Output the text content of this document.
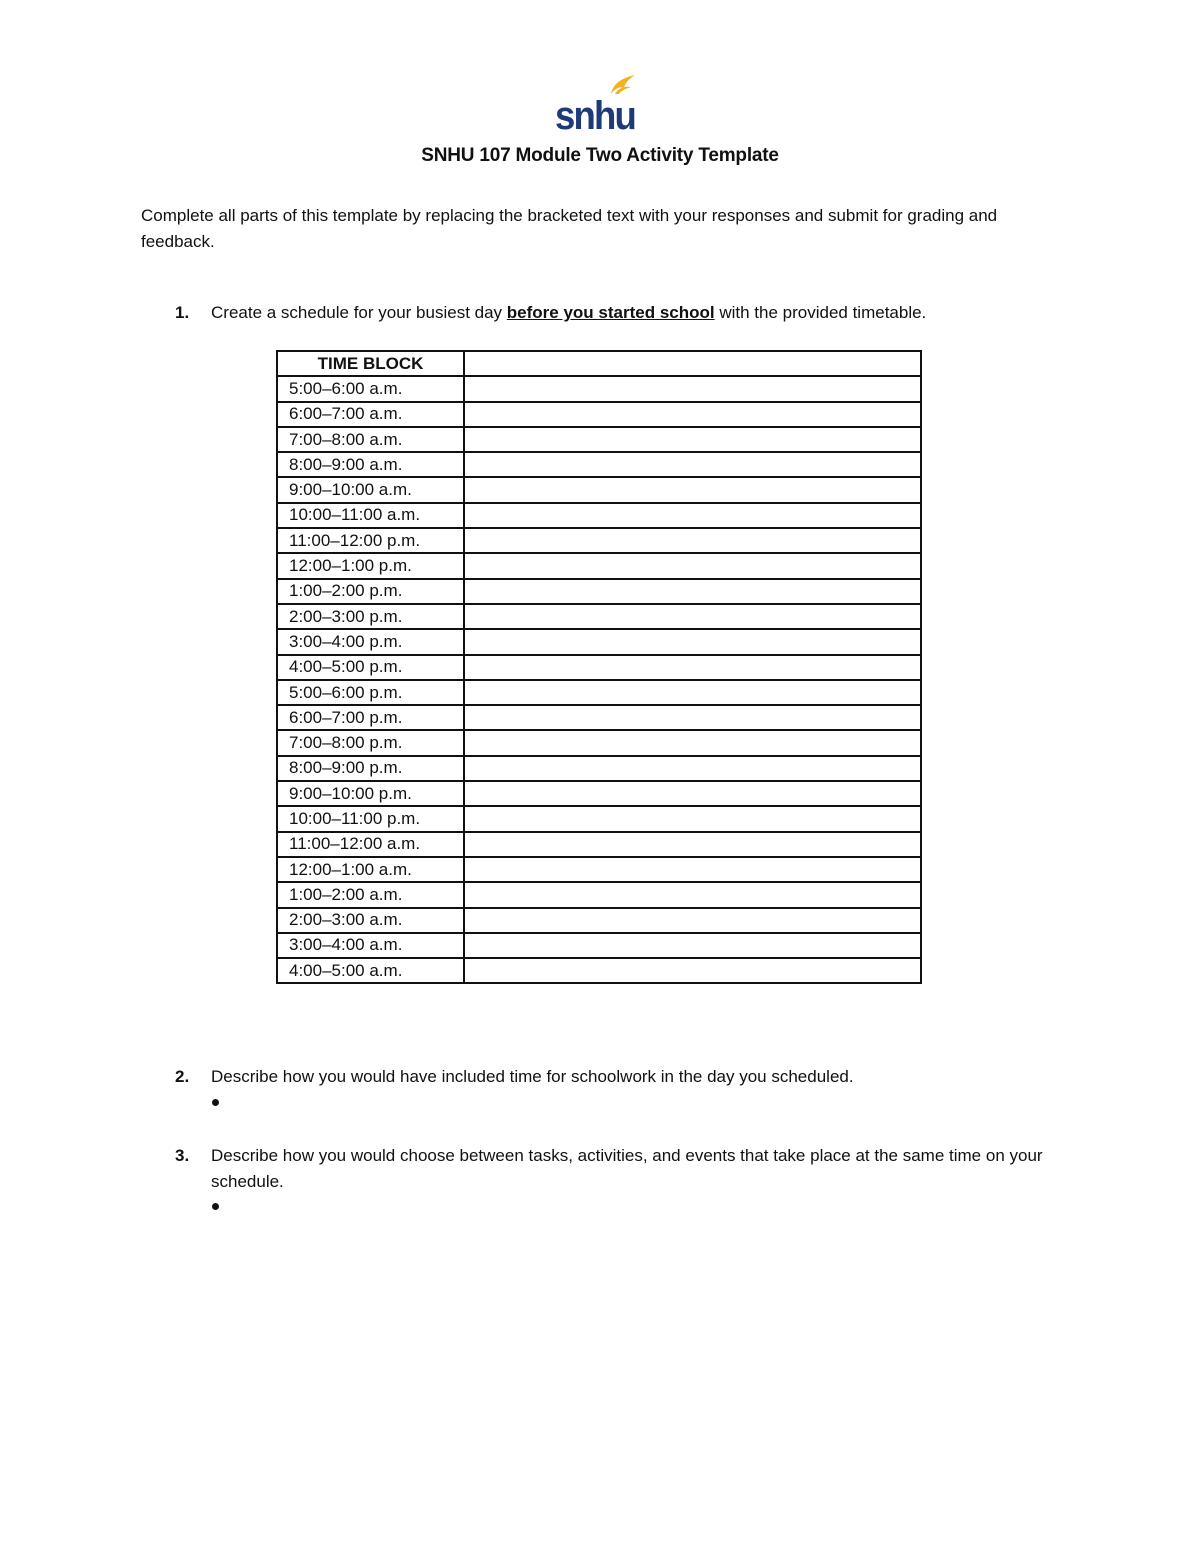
snhu
SNHU 107 Module Two Activity Template

Complete all parts of this template by replacing the bracketed text with your responses and submit for grading and feedback.

1. Create a schedule for your busiest day before you started school with the provided timetable.
TIME BLOCK	
5:00–6:00 a.m.	
6:00–7:00 a.m.	
7:00–8:00 a.m.	
8:00–9:00 a.m.	
9:00–10:00 a.m.	
10:00–11:00 a.m.	
11:00–12:00 p.m.	
12:00–1:00 p.m.	
1:00–2:00 p.m.	
2:00–3:00 p.m.	
3:00–4:00 p.m.	
4:00–5:00 p.m.	
5:00–6:00 p.m.	
6:00–7:00 p.m.	
7:00–8:00 p.m.	
8:00–9:00 p.m.	
9:00–10:00 p.m.	
10:00–11:00 p.m.	
11:00–12:00 a.m.	
12:00–1:00 a.m.	
1:00–2:00 a.m.	
2:00–3:00 a.m.	
3:00–4:00 a.m.	
4:00–5:00 a.m.	
2. Describe how you would have included time for schoolwork in the day you scheduled.
3. Describe how you would choose between tasks, activities, and events that take place at the same time on your schedule.
